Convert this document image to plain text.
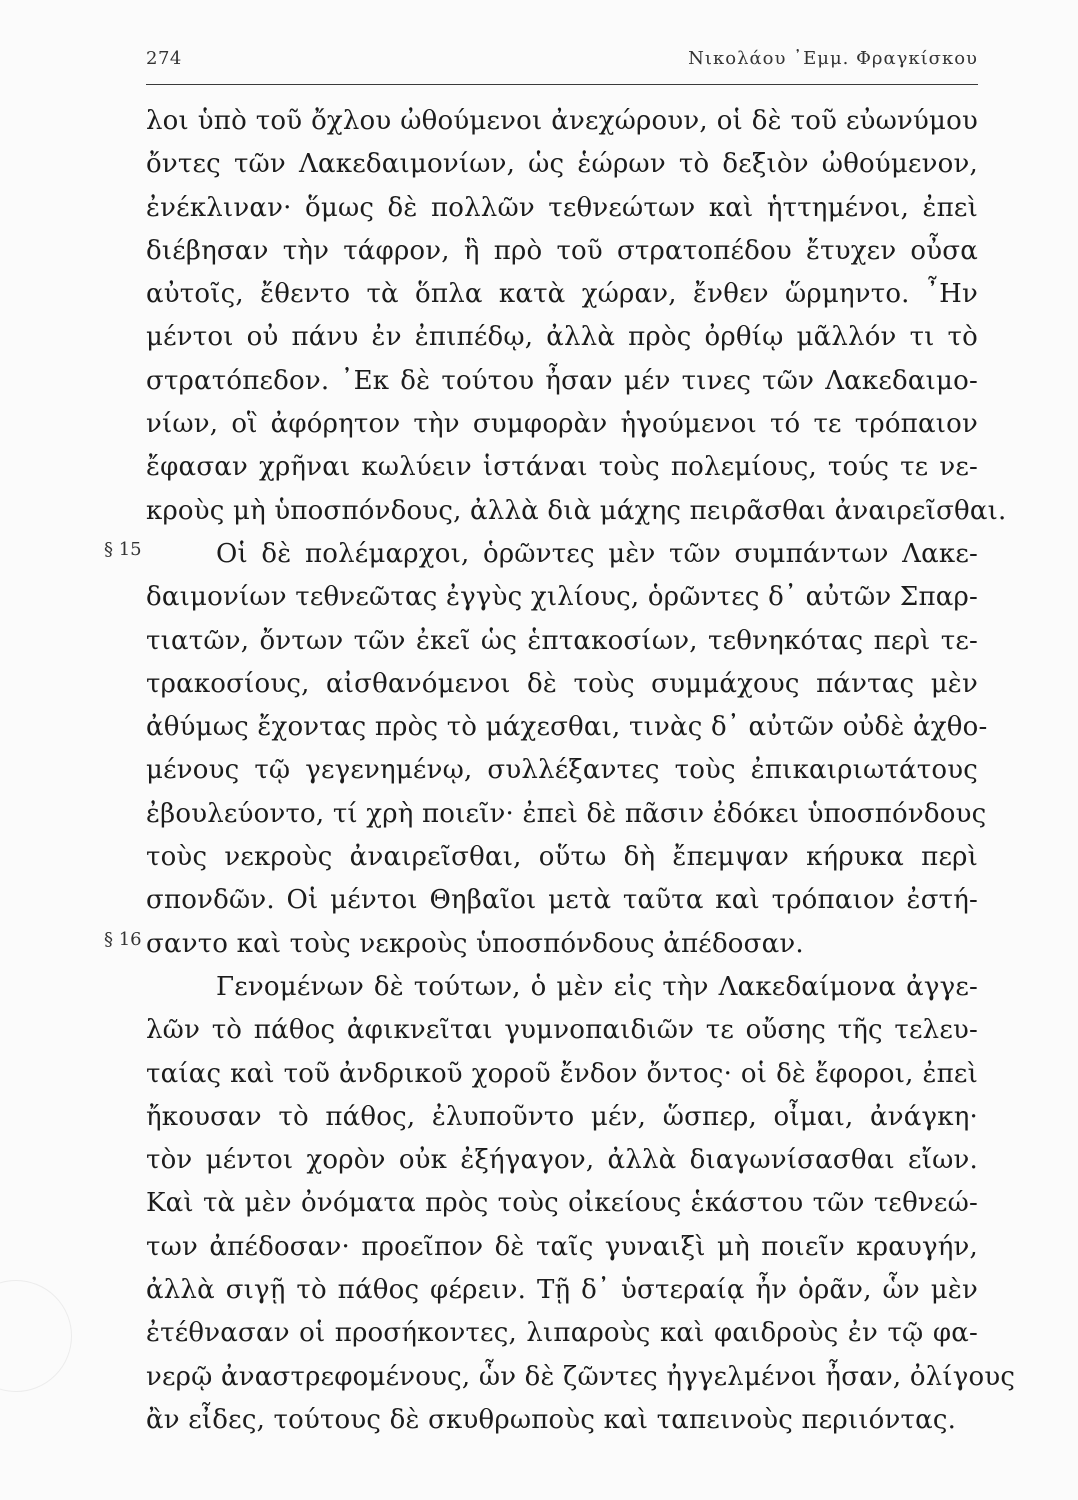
274	Νικολάου ᾿Εμμ. Φραγκίσκου
§ 15
§ 16
λοι ὑπὸ τοῦ ὄχλου ὠθούμενοι ἀνεχώρουν, οἱ δὲ τοῦ εὐωνύμου
ὄντες τῶν Λακεδαιμονίων, ὡς ἑώρων τὸ δεξιὸν ὠθούμενον,
ἐνέκλιναν· ὅμως δὲ πολλῶν τεθνεώτων καὶ ἡττημένοι, ἐπεὶ
διέβησαν τὴν τάφρον, ἣ πρὸ τοῦ στρατοπέδου ἔτυχεν οὖσα
αὐτοῖς, ἔθεντο τὰ ὅπλα κατὰ χώραν, ἔνθεν ὥρμηντο. ῏Ην
μέντοι οὐ πάνυ ἐν ἐπιπέδῳ, ἀλλὰ πρὸς ὀρθίῳ μᾶλλόν τι τὸ
στρατόπεδον. ᾿Εκ δὲ τούτου ἦσαν μέν τινες τῶν Λακεδαιμο-
νίων, οἳ ἀφόρητον τὴν συμφορὰν ἡγούμενοι τό τε τρόπαιον
ἔφασαν χρῆναι κωλύειν ἱστάναι τοὺς πολεμίους, τούς τε νε-
κροὺς μὴ ὑποσπόνδους, ἀλλὰ διὰ μάχης πειρᾶσθαι ἀναιρεῖσθαι.
Οἱ δὲ πολέμαρχοι, ὁρῶντες μὲν τῶν συμπάντων Λακε-
δαιμονίων τεθνεῶτας ἐγγὺς χιλίους, ὁρῶντες δ᾽ αὐτῶν Σπαρ-
τιατῶν, ὄντων τῶν ἐκεῖ ὡς ἑπτακοσίων, τεθνηκότας περὶ τε-
τρακοσίους, αἰσθανόμενοι δὲ τοὺς συμμάχους πάντας μὲν
ἀθύμως ἔχοντας πρὸς τὸ μάχεσθαι, τινὰς δ᾽ αὐτῶν οὐδὲ ἀχθο-
μένους τῷ γεγενημένῳ, συλλέξαντες τοὺς ἐπικαιριωτάτους
ἐβουλεύοντο, τί χρὴ ποιεῖν· ἐπεὶ δὲ πᾶσιν ἐδόκει ὑποσπόνδους
τοὺς νεκροὺς ἀναιρεῖσθαι, οὕτω δὴ ἔπεμψαν κήρυκα περὶ
σπονδῶν. Οἱ μέντοι Θηβαῖοι μετὰ ταῦτα καὶ τρόπαιον ἐστή-
σαντο καὶ τοὺς νεκροὺς ὑποσπόνδους ἀπέδοσαν.
Γενομένων δὲ τούτων, ὁ μὲν εἰς τὴν Λακεδαίμονα ἀγγε-
λῶν τὸ πάθος ἀφικνεῖται γυμνοπαιδιῶν τε οὔσης τῆς τελευ-
ταίας καὶ τοῦ ἀνδρικοῦ χοροῦ ἔνδον ὄντος· οἱ δὲ ἔφοροι, ἐπεὶ
ἤκουσαν τὸ πάθος, ἐλυποῦντο μέν, ὥσπερ, οἶμαι, ἀνάγκη·
τὸν μέντοι χορὸν οὐκ ἐξήγαγον, ἀλλὰ διαγωνίσασθαι εἴων.
Καὶ τὰ μὲν ὀνόματα πρὸς τοὺς οἰκείους ἑκάστου τῶν τεθνεώ-
των ἀπέδοσαν· προεῖπον δὲ ταῖς γυναιξὶ μὴ ποιεῖν κραυγήν,
ἀλλὰ σιγῇ τὸ πάθος φέρειν. Τῇ δ᾽ ὑστεραίᾳ ἦν ὁρᾶν, ὧν μὲν
ἐτέθνασαν οἱ προσήκοντες, λιπαροὺς καὶ φαιδροὺς ἐν τῷ φα-
νερῷ ἀναστρεφομένους, ὧν δὲ ζῶντες ἠγγελμένοι ἦσαν, ὀλίγους
ἂν εἶδες, τούτους δὲ σκυθρωποὺς καὶ ταπεινοὺς περιιόντας.
